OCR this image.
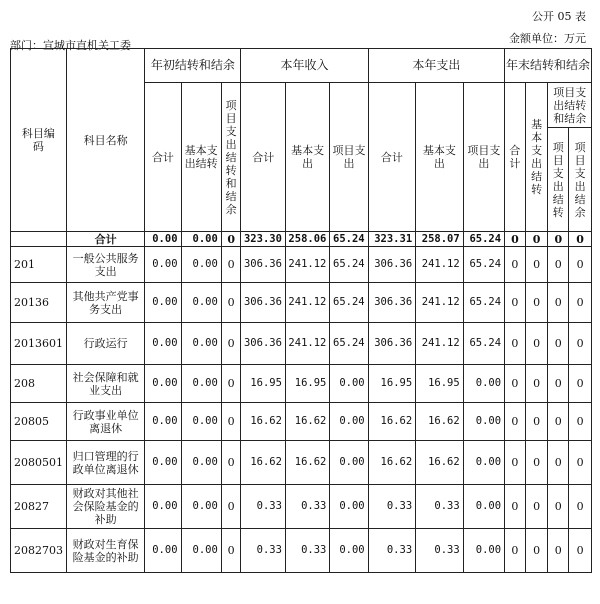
公开 05 表
部门：宣城市直机关工委
金额单位：万元
科目编码	科目名称	年初结转和结余			本年收入			本年支出			年末结转和结余			
		合计	基本支出结转	项目支出结转和结余	合计	基本支出	项目支出	合计	基本支出	项目支出	合计	基本支出结转	项目支出结转和结余	
													项目支出结转	项目支出结余
	合计	0.00	0.00	0	323.30	258.06	65.24	323.31	258.07	65.24	0	0	0	0
201	一般公共服务支出	0.00	0.00	0	306.36	241.12	65.24	306.36	241.12	65.24	0	0	0	0
20136	其他共产党事务支出	0.00	0.00	0	306.36	241.12	65.24	306.36	241.12	65.24	0	0	0	0
2013601	行政运行	0.00	0.00	0	306.36	241.12	65.24	306.36	241.12	65.24	0	0	0	0
208	社会保障和就业支出	0.00	0.00	0	16.95	16.95	0.00	16.95	16.95	0.00	0	0	0	0
20805	行政事业单位离退休	0.00	0.00	0	16.62	16.62	0.00	16.62	16.62	0.00	0	0	0	0
2080501	归口管理的行政单位离退休	0.00	0.00	0	16.62	16.62	0.00	16.62	16.62	0.00	0	0	0	0
20827	财政对其他社会保险基金的补助	0.00	0.00	0	0.33	0.33	0.00	0.33	0.33	0.00	0	0	0	0
2082703	财政对生育保险基金的补助	0.00	0.00	0	0.33	0.33	0.00	0.33	0.33	0.00	0	0	0	0
